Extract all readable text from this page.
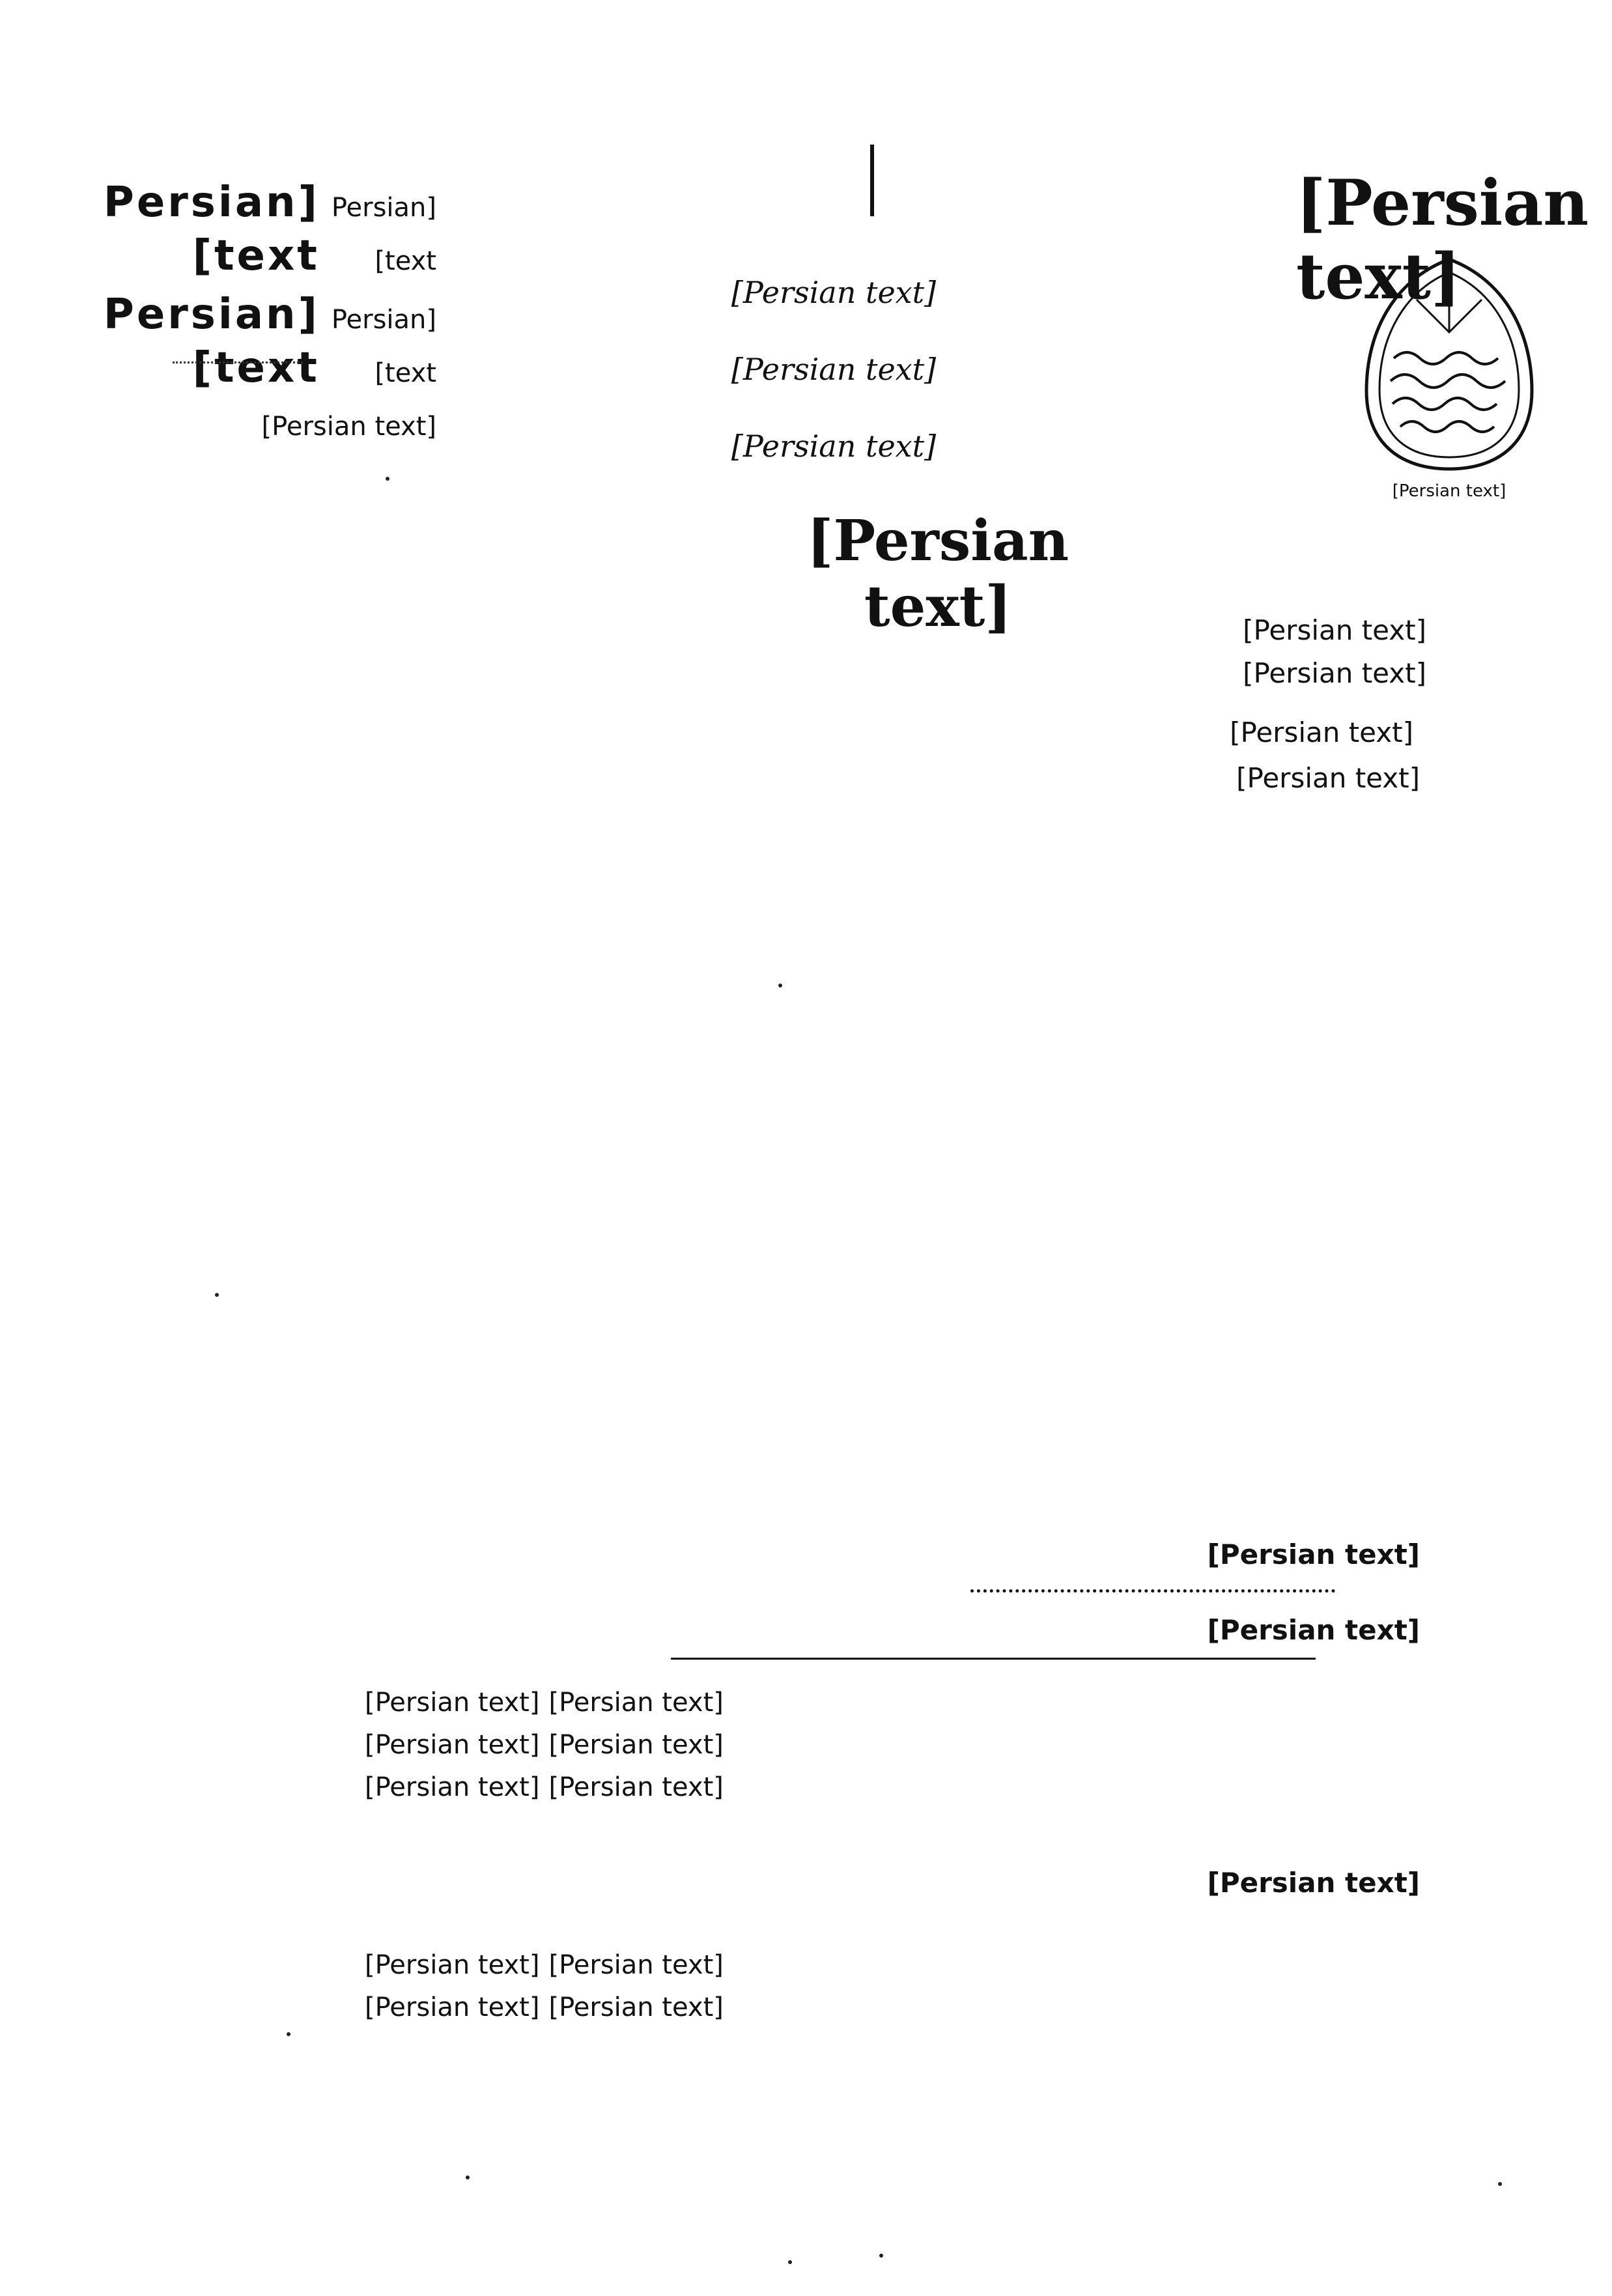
[Persian text]
[Persian text]
[Persian text]
[Persian text]
[Persian text]
[Persian text]
[Persian text]
[Persian text]
[Persian text]
[Persian text]
[Persian text]	[Persian text]
[Persian text]
[Persian text]

[Persian text]

[Persian text]
[Persian text]
[Persian text] [Persian text]
[Persian text] [Persian text]
[Persian text] [Persian text]
[Persian text]
[Persian text] [Persian text]
[Persian text] [Persian text]
